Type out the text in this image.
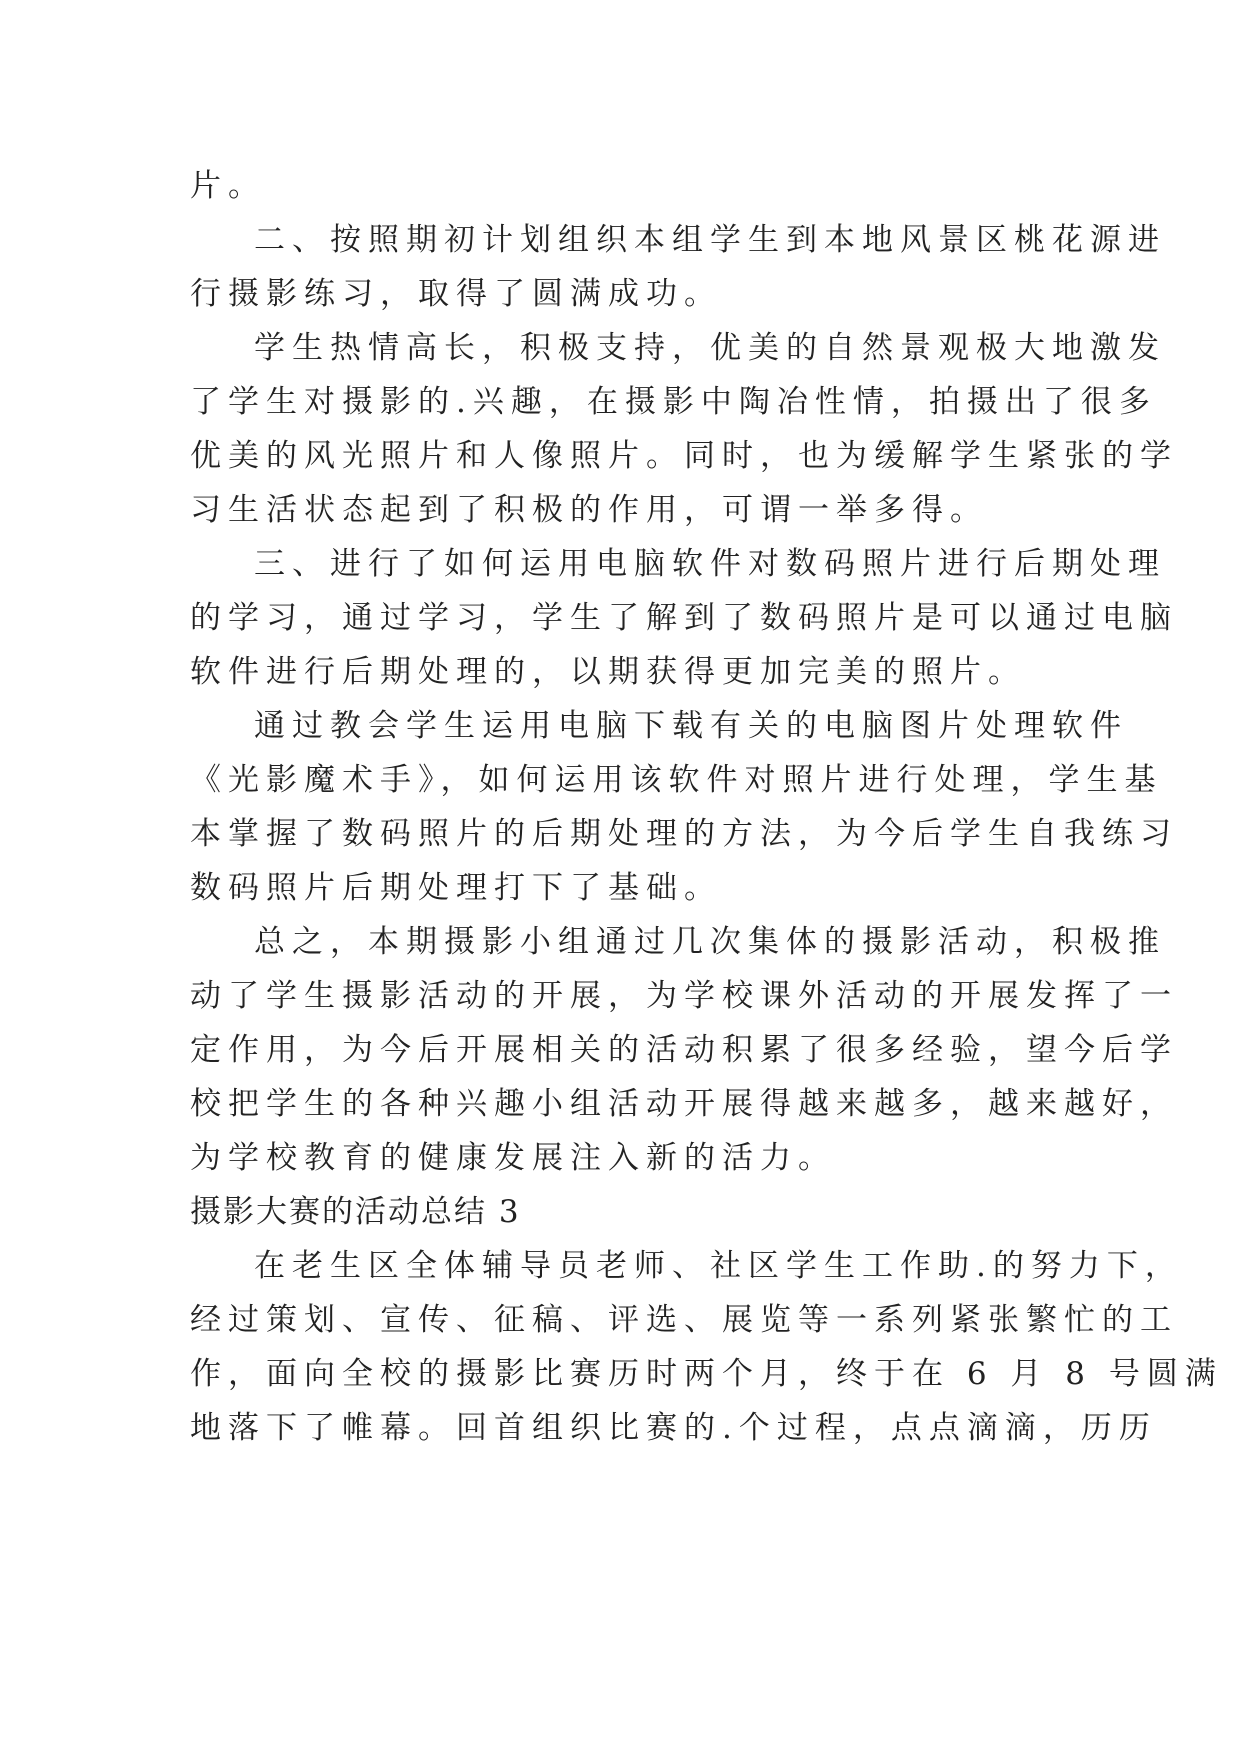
片。
二、按照期初计划组织本组学生到本地风景区桃花源进
行摄影练习，取得了圆满成功。
学生热情高长，积极支持，优美的自然景观极大地激发
了学生对摄影的.兴趣，在摄影中陶冶性情，拍摄出了很多
优美的风光照片和人像照片。同时，也为缓解学生紧张的学
习生活状态起到了积极的作用，可谓一举多得。
三、进行了如何运用电脑软件对数码照片进行后期处理
的学习，通过学习，学生了解到了数码照片是可以通过电脑
软件进行后期处理的，以期获得更加完美的照片。
通过教会学生运用电脑下载有关的电脑图片处理软件
《光影魔术手》，如何运用该软件对照片进行处理，学生基
本掌握了数码照片的后期处理的方法，为今后学生自我练习
数码照片后期处理打下了基础。
总之，本期摄影小组通过几次集体的摄影活动，积极推
动了学生摄影活动的开展，为学校课外活动的开展发挥了一
定作用，为今后开展相关的活动积累了很多经验，望今后学
校把学生的各种兴趣小组活动开展得越来越多，越来越好，
为学校教育的健康发展注入新的活力。
摄影大赛的活动总结 3
在老生区全体辅导员老师、社区学生工作助.的努力下，
经过策划、宣传、征稿、评选、展览等一系列紧张繁忙的工
作，面向全校的摄影比赛历时两个月，终于在 6 月 8 号圆满
地落下了帷幕。回首组织比赛的.个过程，点点滴滴，历历
